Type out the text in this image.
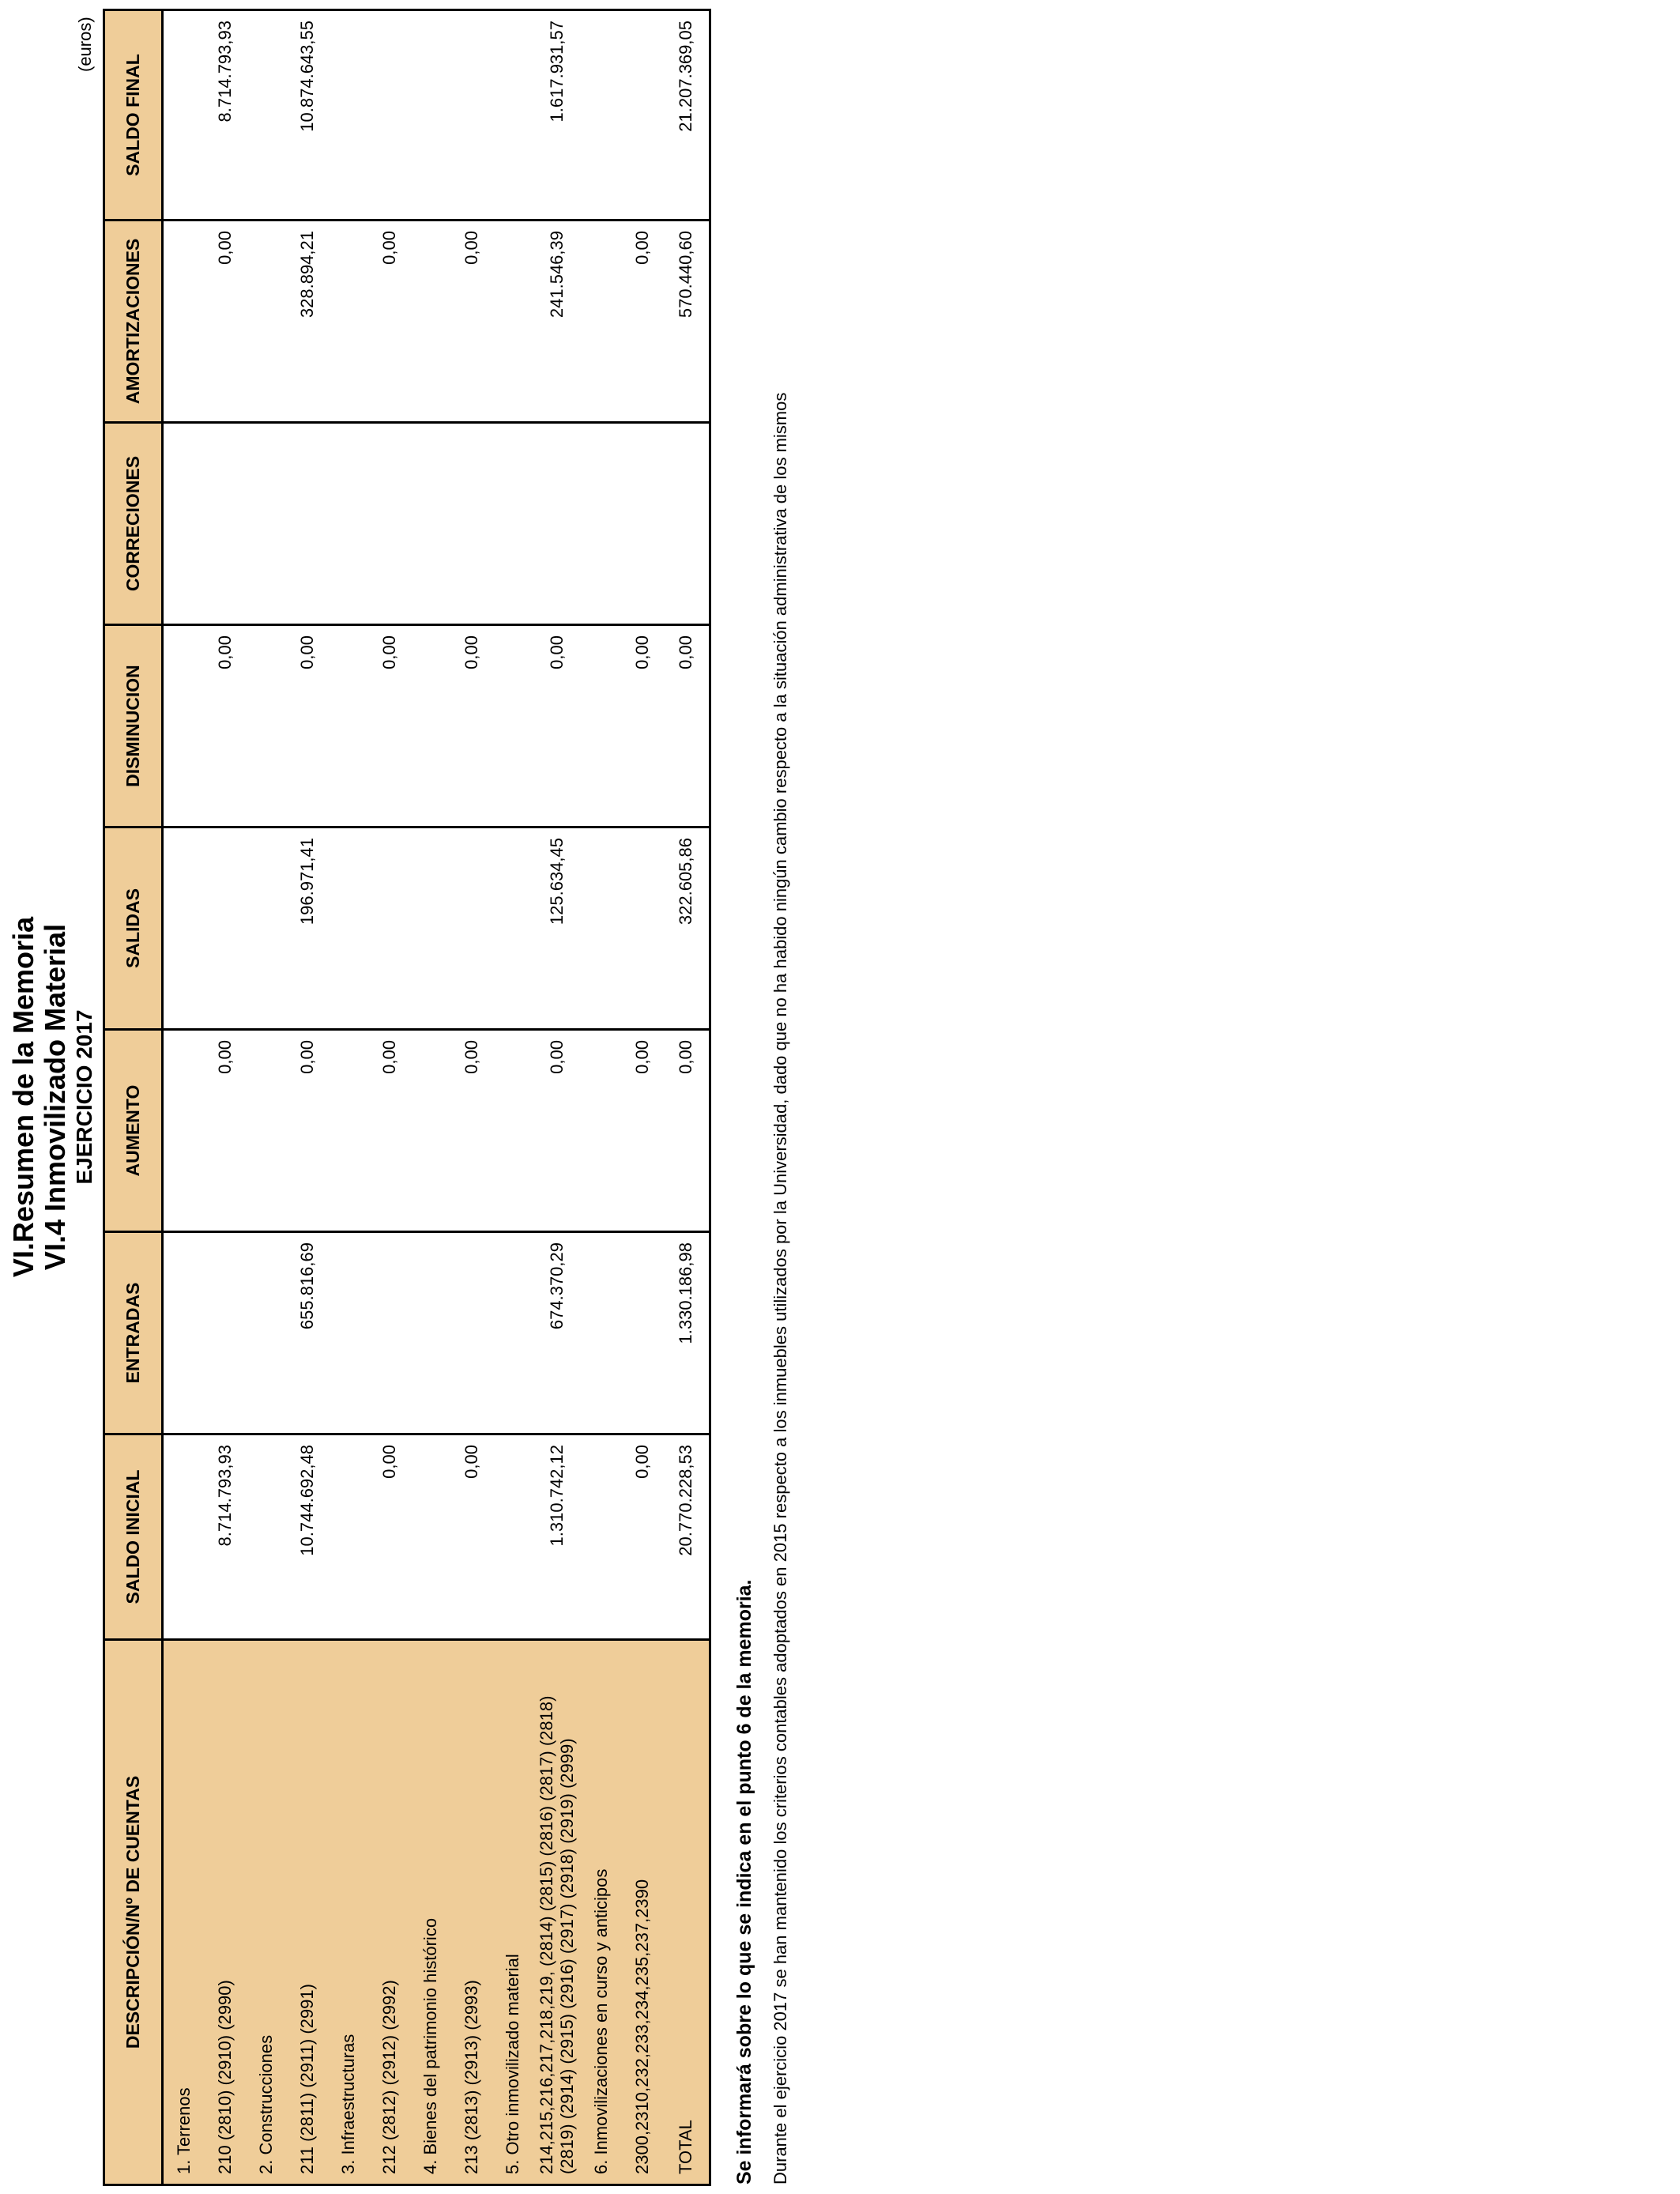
VI.Resumen de la Memoria VI.4 Inmovilizado Material EJERCICIO 2017
(euros)
DESCRIPCIÓN/Nº DE CUENTAS	SALDO INICIAL	ENTRADAS	AUMENTO	SALIDAS	DISMINUCION	CORRECIONES	AMORTIZACIONES	SALDO FINAL
1. Terrenos								
210 (2810) (2910) (2990)	8.714.793,93		0,00		0,00		0,00	8.714.793,93
2. Construcciones								
211 (2811) (2911) (2991)	10.744.692,48	655.816,69	0,00	196.971,41	0,00		328.894,21	10.874.643,55
3. Infraestructuras								
212 (2812) (2912) (2992)	0,00		0,00		0,00		0,00	
4. Bienes del patrimonio histórico								
213 (2813) (2913) (2993)	0,00		0,00		0,00		0,00	
5. Otro inmovilizado material								
214,215,216,217,218,219, (2814) (2815) (2816) (2817) (2818) (2819) (2914) (2915) (2916) (2917) (2918) (2919) (2999)	1.310.742,12	674.370,29	0,00	125.634,45	0,00		241.546,39	1.617.931,57
6. Inmovilizaciones en curso y anticipos								
2300,2310,232,233,234,235,237,2390	0,00		0,00		0,00		0,00	
TOTAL	20.770.228,53	1.330.186,98	0,00	322.605,86	0,00		570.440,60	21.207.369,05
Se informará sobre lo que se indica en el punto 6 de la memoria. Durante el ejercicio 2017 se han mantenido los criterios contables adoptados en 2015 respecto a los inmuebles utilizados por la Universidad, dado que no ha habido ningún cambio respecto a la situación administrativa de los mismos
